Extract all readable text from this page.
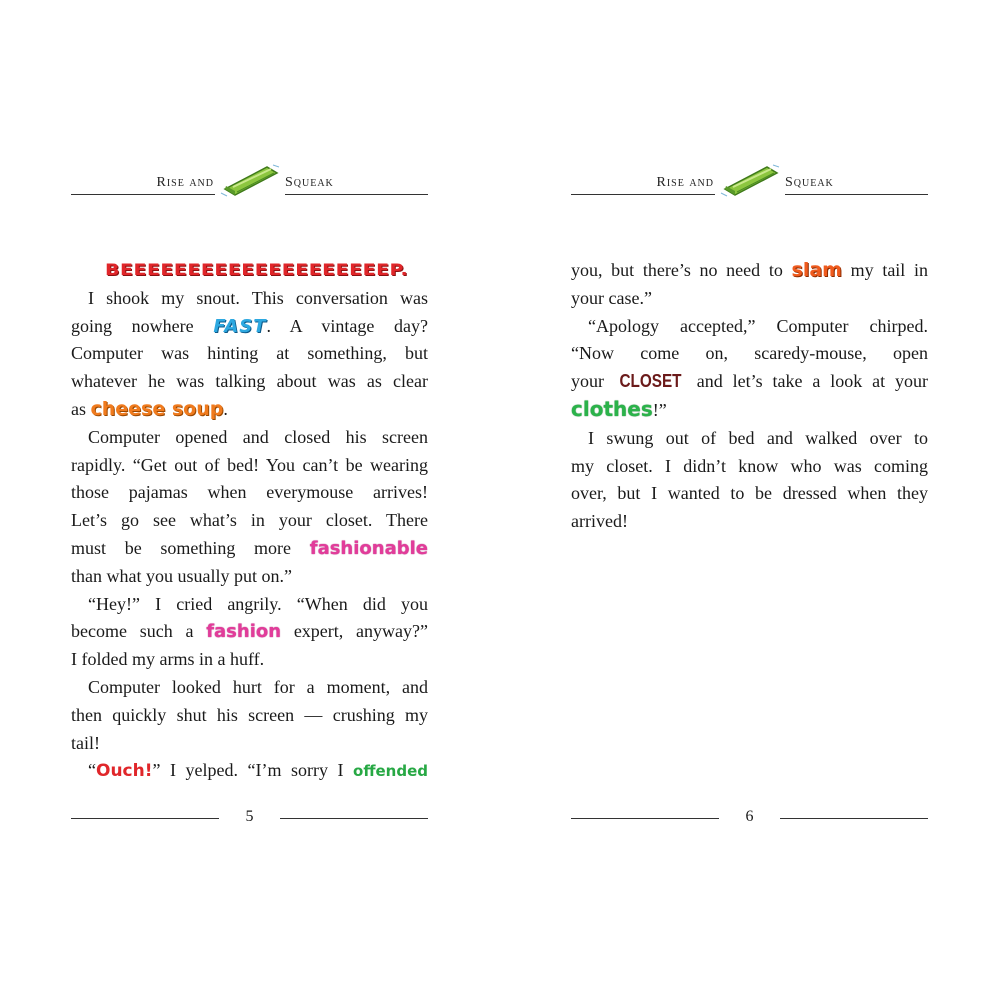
Rise and	Squeak

BEEEEEEEEEEEEEEEEEEEEP.

I shook my snout. This conversation was
going nowhere FAST. A vintage day?
Computer was hinting at something, but
whatever he was talking about was as clear
as cheese soup.
Computer opened and closed his screen
rapidly. “Get out of bed! You can’t be wearing
those pajamas when everymouse arrives!
Let’s go see what’s in your closet. There
must be something more fashionable
than what you usually put on.”
“Hey!” I cried angrily. “When did you
become such a fashion expert, anyway?”
I folded my arms in a huff.
Computer looked hurt for a moment, and
then quickly shut his screen — crushing my
tail!
“Ouch!” I yelped. “I’m sorry I offended
5
Rise and	Squeak
you, but there’s no need to slam my tail in
your case.”
“Apology accepted,” Computer chirped.
“Now come on, scaredy-mouse, open
your CLOSET and let’s take a look at your
clothes!”
I swung out of bed and walked over to
my closet. I didn’t know who was coming
over, but I wanted to be dressed when they
arrived!
6
